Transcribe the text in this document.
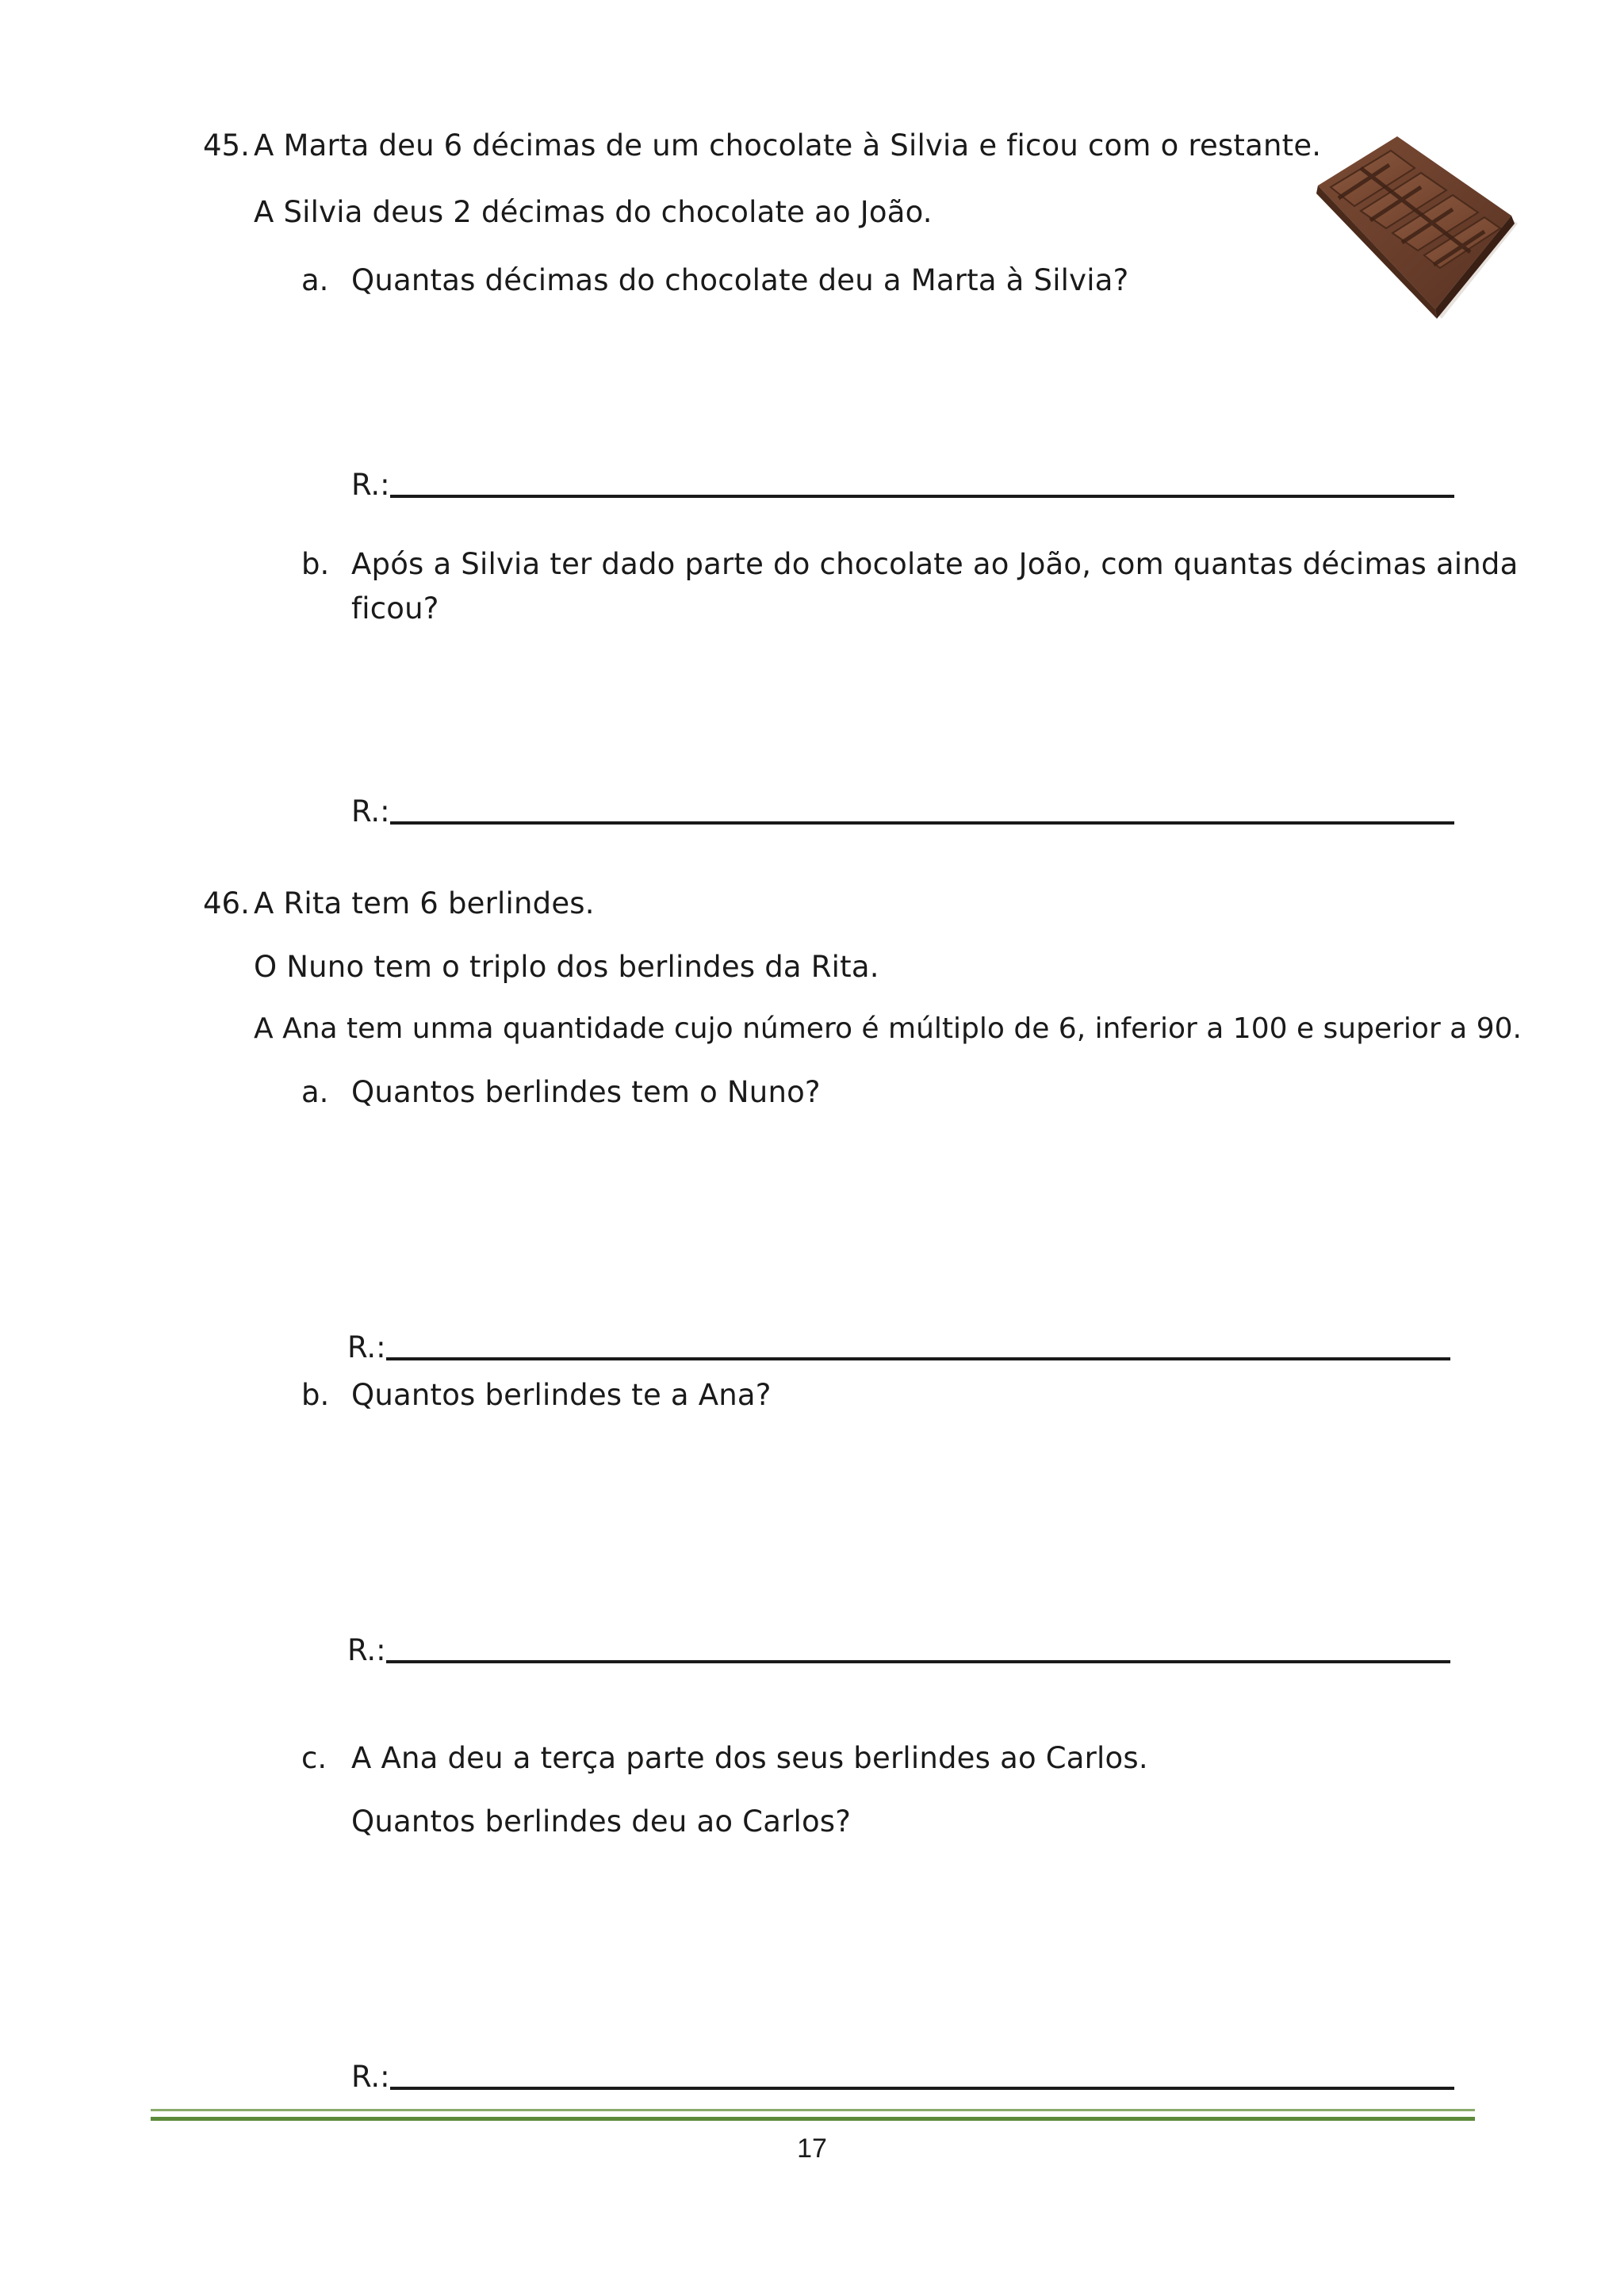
45. A Marta deu 6 décimas de um chocolate à Silvia e ficou com o restante.
A Silvia deus 2 décimas do chocolate ao João.
a. Quantas décimas do chocolate deu a Marta à Silvia?
R.:
b. Após a Silvia ter dado parte do chocolate ao João, com quantas décimas ainda
ficou?
R.:
46. A Rita tem 6 berlindes.
O Nuno tem o triplo dos berlindes da Rita.
A Ana tem unma quantidade cujo número é múltiplo de 6, inferior a 100 e superior a 90.
a. Quantos berlindes tem o Nuno?
R.:
b. Quantos berlindes te a Ana?
R.:
c. A Ana deu a terça parte dos seus berlindes ao Carlos.
Quantos berlindes deu ao Carlos?
R.:
17
